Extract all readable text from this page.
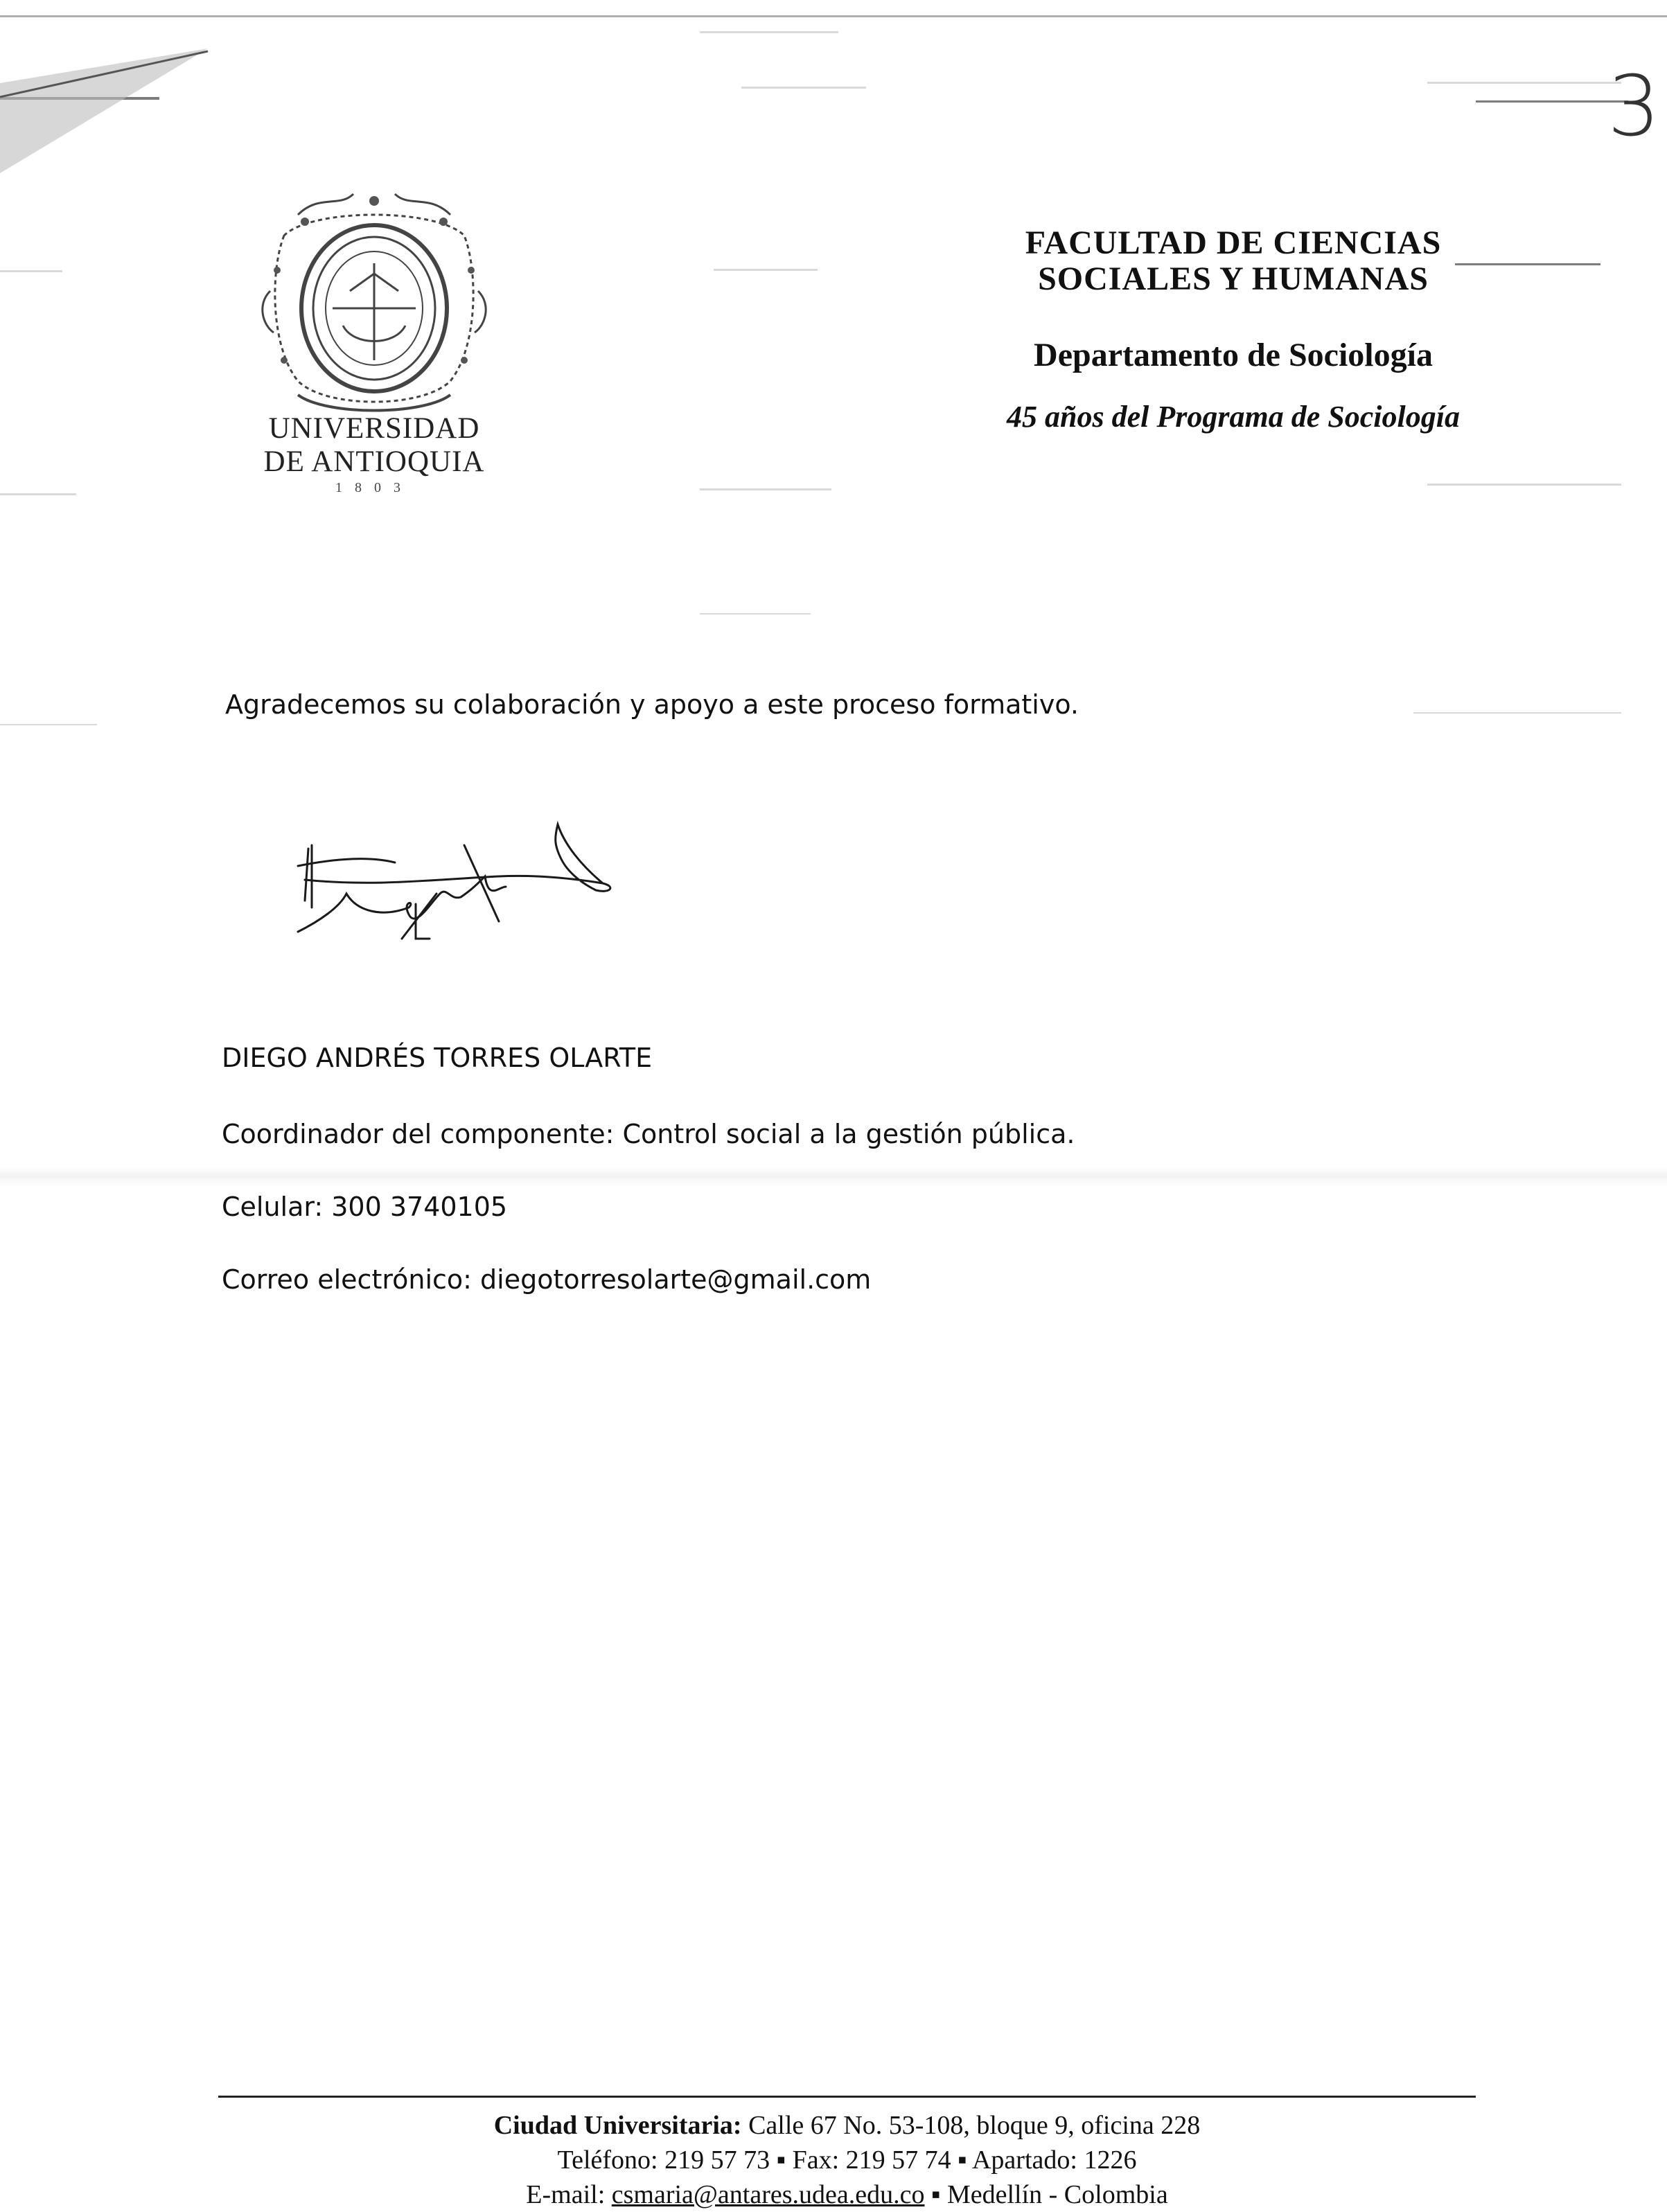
3
UNIVERSIDAD
DE ANTIOQUIA
1803
FACULTAD DE CIENCIAS
SOCIALES Y HUMANAS
Departamento de Sociología
45 años del Programa de Sociología
Agradecemos su colaboración y apoyo a este proceso formativo.
DIEGO ANDRÉS TORRES OLARTE
Coordinador del componente: Control social a la gestión pública.
Celular: 300 3740105
Correo electrónico: diegotorresolarte@gmail.com
Ciudad Universitaria: Calle 67 No. 53-108, bloque 9, oficina 228
Teléfono: 219 57 73 ▪ Fax: 219 57 74 ▪ Apartado: 1226
E-mail: csmaria@antares.udea.edu.co ▪ Medellín - Colombia
